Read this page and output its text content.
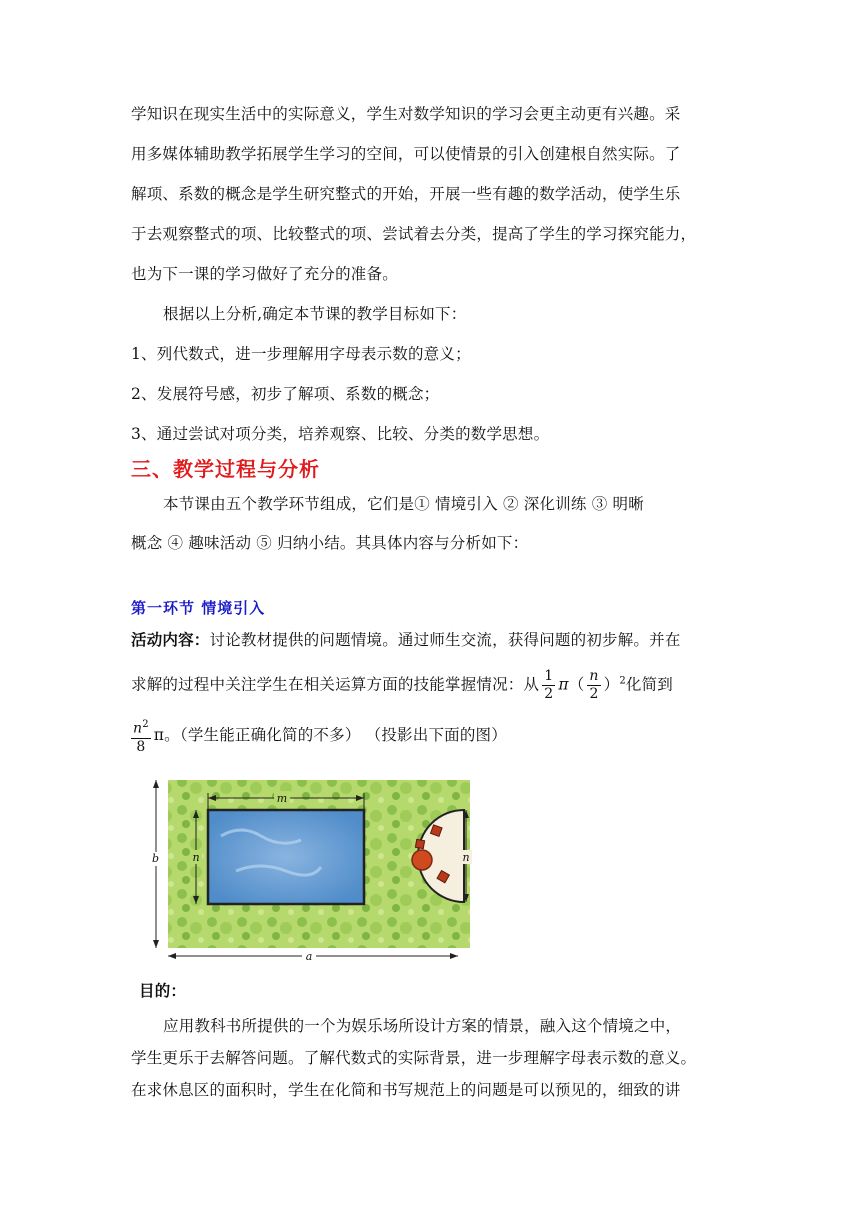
学知识在现实生活中的实际意义，学生对数学知识的学习会更主动更有兴趣。采
用多媒体辅助教学拓展学生学习的空间，可以使情景的引入创建根自然实际。了
解项、系数的概念是学生研究整式的开始，开展一些有趣的数学活动，使学生乐
于去观察整式的项、比较整式的项、尝试着去分类，提高了学生的学习探究能力，
也为下一课的学习做好了充分的准备。
根据以上分析,确定本节课的教学目标如下：
1、列代数式，进一步理解用字母表示数的意义；
2、发展符号感，初步了解项、系数的概念；
3、通过尝试对项分类，培养观察、比较、分类的数学思想。
三、教学过程与分析
本节课由五个教学环节组成，它们是① 情境引入 ② 深化训练 ③ 明晰
概念 ④ 趣味活动 ⑤ 归纳小结。其具体内容与分析如下：
第一环节 情境引入
活动内容：讨论教材提供的问题情境。通过师生交流，获得问题的初步解。并在
求解的过程中关注学生在相关运算方面的技能掌握情况：从 $\frac{1}{2} \pi( \frac{n}{2} )^2$化简到
$\frac{n^2}{8}$ π。（学生能正确化简的不多） （投影出下面的图）
m
n	n
b
a
目的：
应用教科书所提供的一个为娱乐场所设计方案的情景，融入这个情境之中，
学生更乐于去解答问题。了解代数式的实际背景，进一步理解字母表示数的意义。
在求休息区的面积时，学生在化简和书写规范上的问题是可以预见的，细致的讲
